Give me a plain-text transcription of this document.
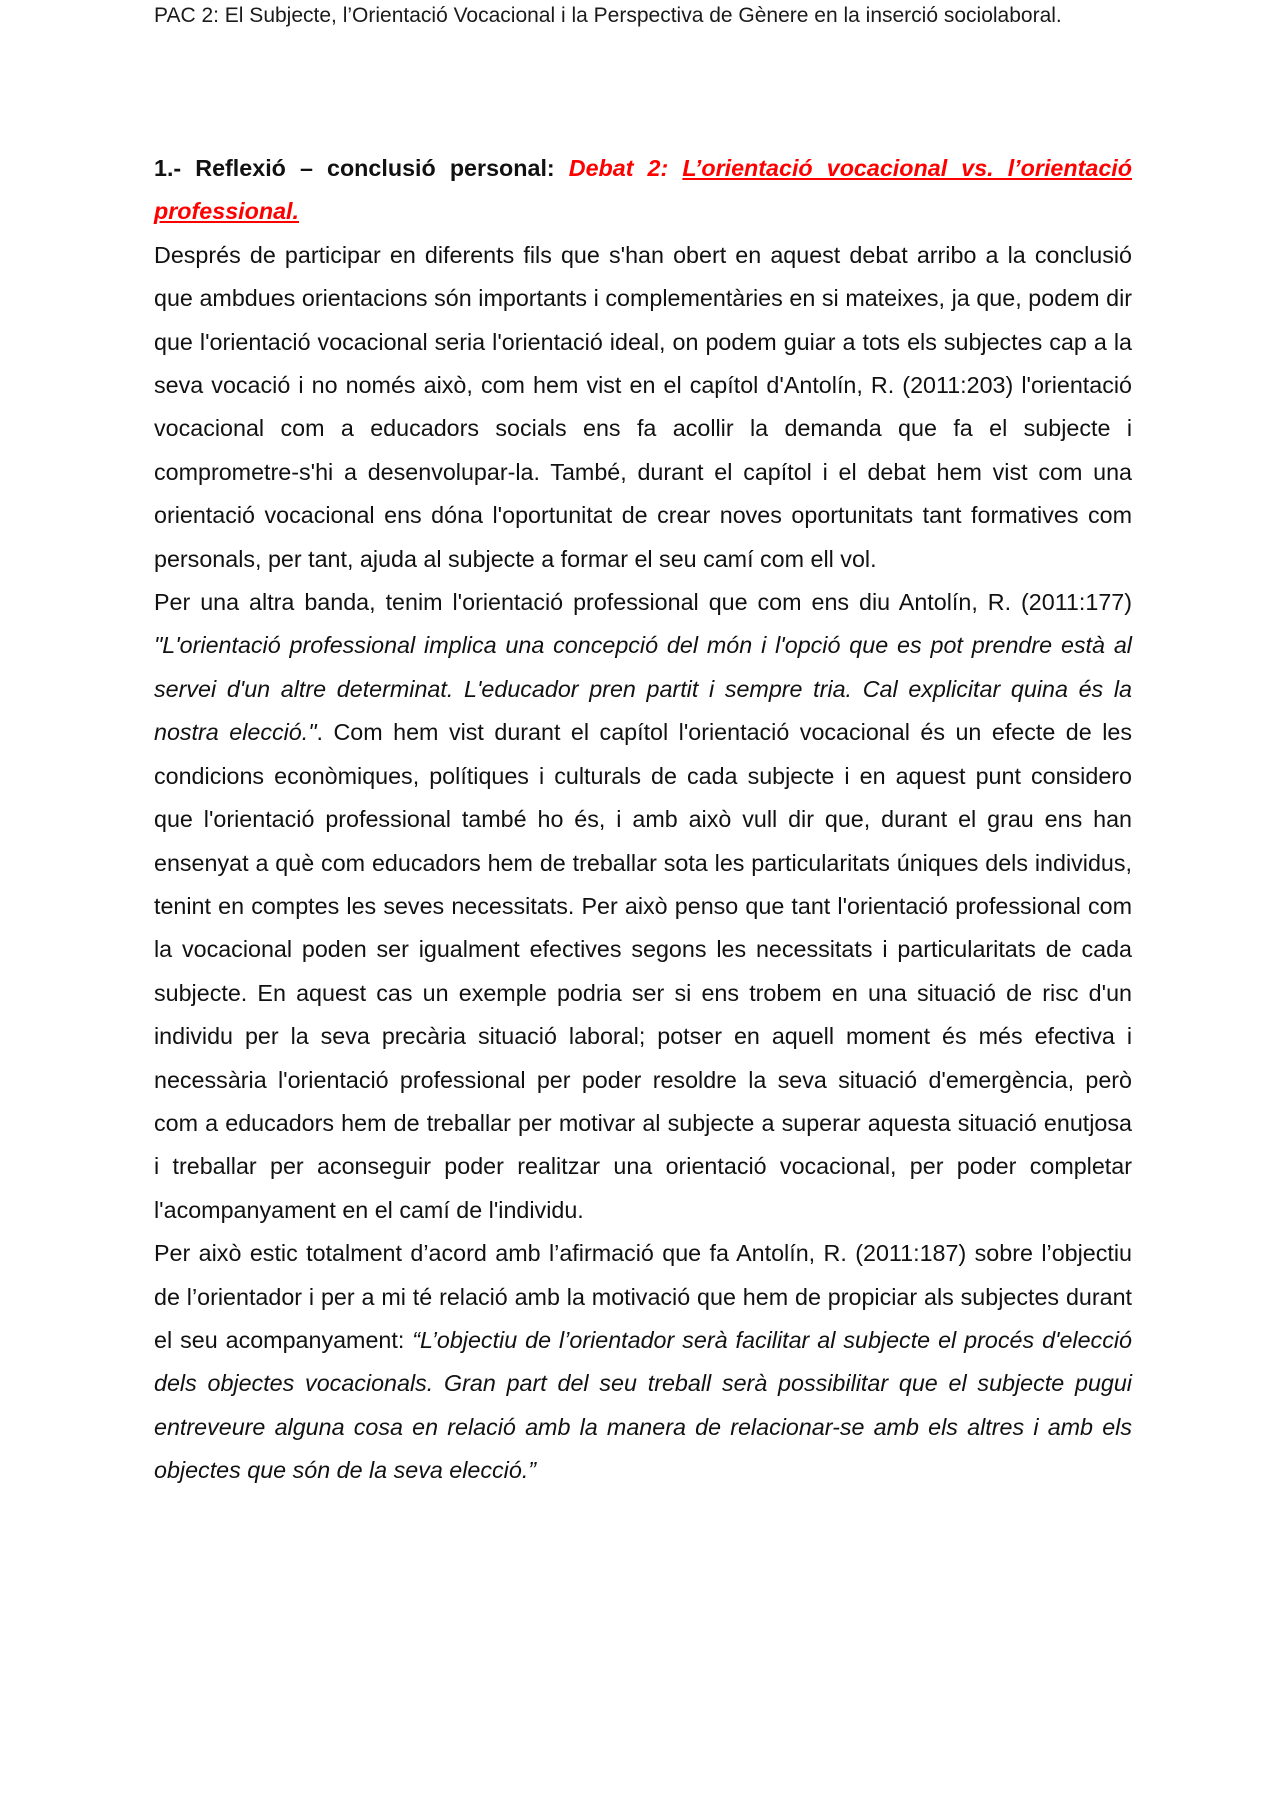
PAC 2: El Subjecte, l’Orientació Vocacional i la Perspectiva de Gènere en la inserció sociolaboral.

1.- Reflexió – conclusió personal: Debat 2: L’orientació vocacional vs. l’orientació professional.

Després de participar en diferents fils que s'han obert en aquest debat arribo a la conclusió que ambdues orientacions són importants i complementàries en si mateixes, ja que, podem dir que l'orientació vocacional seria l'orientació ideal, on podem guiar a tots els subjectes cap a la seva vocació i no només això, com hem vist en el capítol d'Antolín, R. (2011:203) l'orientació vocacional com a educadors socials ens fa acollir la demanda que fa el subjecte i comprometre-s'hi a desenvolupar-la. També, durant el capítol i el debat hem vist com una orientació vocacional ens dóna l'oportunitat de crear noves oportunitats tant formatives com personals, per tant, ajuda al subjecte a formar el seu camí com ell vol.

Per una altra banda, tenim l'orientació professional que com ens diu Antolín, R. (2011:177) "L'orientació professional implica una concepció del món i l'opció que es pot prendre està al servei d'un altre determinat. L'educador pren partit i sempre tria. Cal explicitar quina és la nostra elecció.". Com hem vist durant el capítol l'orientació vocacional és un efecte de les condicions econòmiques, polítiques i culturals de cada subjecte i en aquest punt considero que l'orientació professional també ho és, i amb això vull dir que, durant el grau ens han ensenyat a què com educadors hem de treballar sota les particularitats úniques dels individus, tenint en comptes les seves necessitats. Per això penso que tant l'orientació professional com la vocacional poden ser igualment efectives segons les necessitats i particularitats de cada subjecte. En aquest cas un exemple podria ser si ens trobem en una situació de risc d'un individu per la seva precària situació laboral; potser en aquell moment és més efectiva i necessària l'orientació professional per poder resoldre la seva situació d'emergència, però com a educadors hem de treballar per motivar al subjecte a superar aquesta situació enutjosa i treballar per aconseguir poder realitzar una orientació vocacional, per poder completar l'acompanyament en el camí de l'individu.

Per això estic totalment d’acord amb l’afirmació que fa Antolín, R. (2011:187) sobre l’objectiu de l’orientador i per a mi té relació amb la motivació que hem de propiciar als subjectes durant el seu acompanyament: “L’objectiu de l’orientador serà facilitar al subjecte el procés d'elecció dels objectes vocacionals. Gran part del seu treball serà possibilitar que el subjecte pugui entreveure alguna cosa en relació amb la manera de relacionar-se amb els altres i amb els objectes que són de la seva elecció.”
